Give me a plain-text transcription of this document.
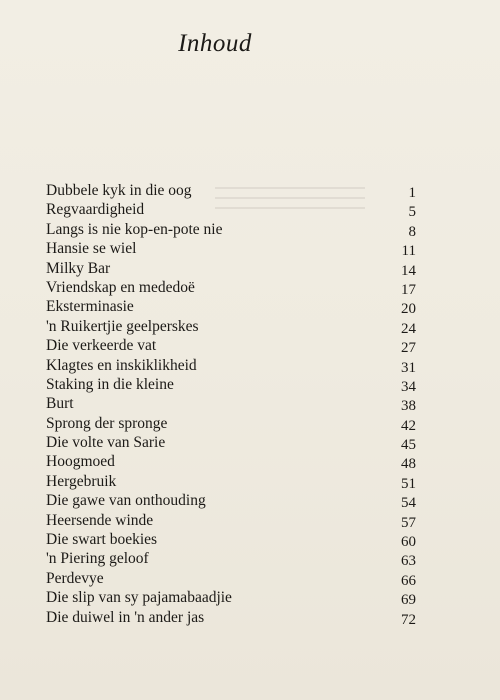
Inhoud
Dubbele kyk in die oog	1
Regvaardigheid	5
Langs is nie kop-en-pote nie	8
Hansie se wiel	11
Milky Bar	14
Vriendskap en mededoë	17
Eksterminasie	20
'n Ruikertjie geelperskes	24
Die verkeerde vat	27
Klagtes en inskiklikheid	31
Staking in die kleine	34
Burt	38
Sprong der spronge	42
Die volte van Sarie	45
Hoogmoed	48
Hergebruik	51
Die gawe van onthouding	54
Heersende winde	57
Die swart boekies	60
'n Piering geloof	63
Perdevye	66
Die slip van sy pajamabaadjie	69
Die duiwel in 'n ander jas	72
